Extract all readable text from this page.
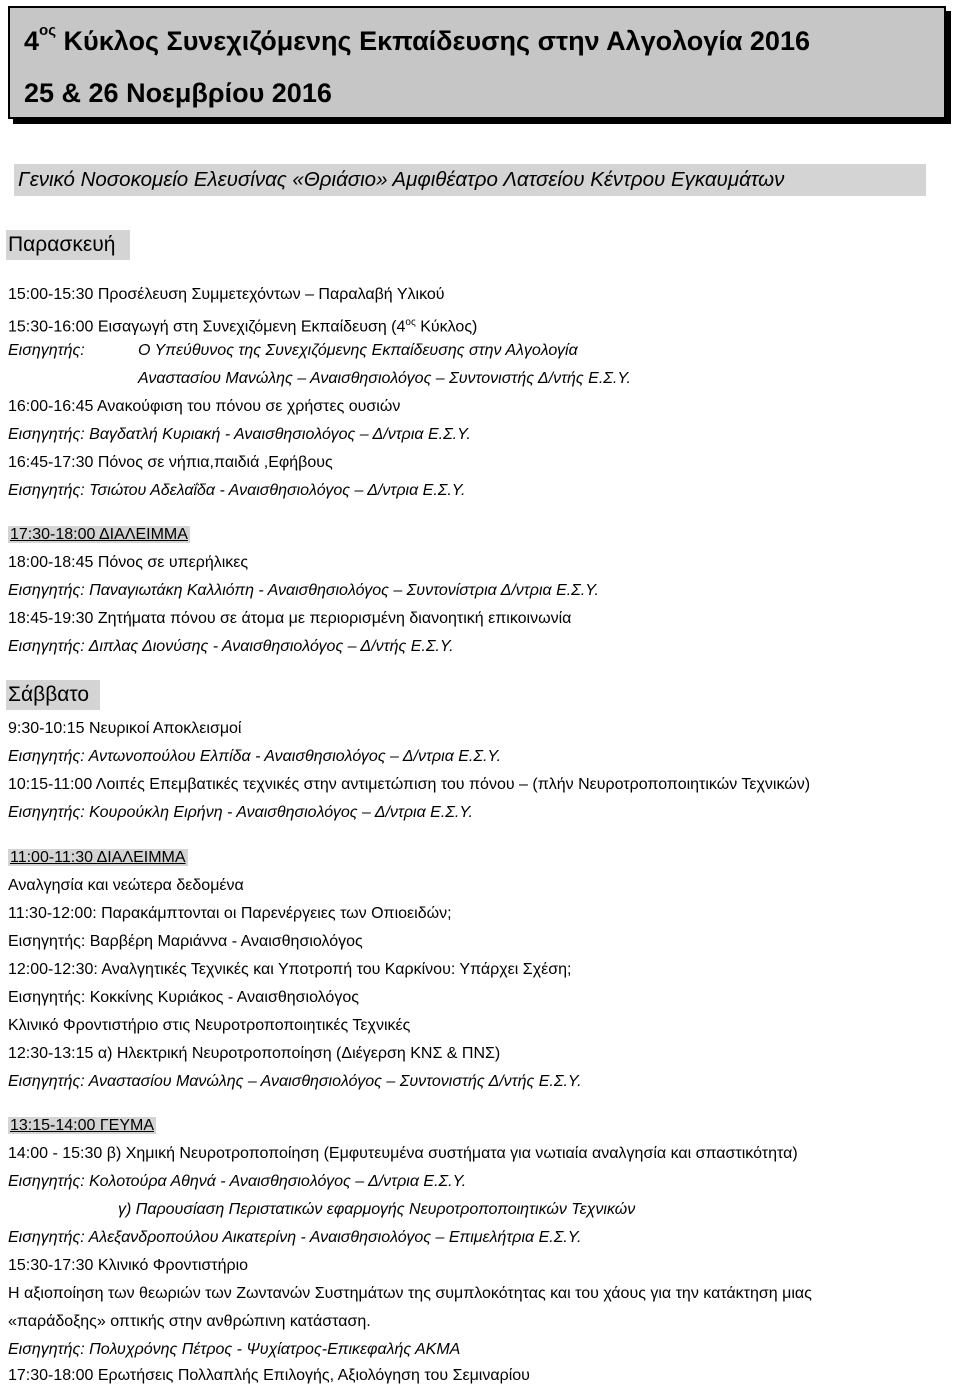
$4^{o\varsigma}$ Κύκλος Συνεχιζόμενης Εκπαίδευσης στην Αλγολογία 2016
25 & 26 Νοεμβρίου 2016
Γενικό Νοσοκομείο Ελευσίνας «Θριάσιο» Αμφιθέατρο Λατσείου Κέντρου Εγκαυμάτων
Παρασκευή
15:00-15:30 Προσέλευση Συμμετεχόντων – Παραλαβή Υλικού
15:30-16:00 Εισαγωγή στη Συνεχιζόμενη Εκπαίδευση ($4^{o\varsigma}$ Κύκλος)
Εισηγητής:	Ο Υπεύθυνος της Συνεχιζόμενης Εκπαίδευσης στην Αλγολογία
Αναστασίου Μανώλης – Αναισθησιολόγος – Συντονιστής Δ/ντής Ε.Σ.Υ.
16:00-16:45 Ανακούφιση του πόνου σε χρήστες ουσιών
Εισηγητής: Βαγδατλή Κυριακή - Αναισθησιολόγος – Δ/ντρια Ε.Σ.Υ.
16:45-17:30 Πόνος σε νήπια,παιδιά ,Εφήβους
Εισηγητής: Τσιώτου Αδελαΐδα - Αναισθησιολόγος – Δ/ντρια Ε.Σ.Υ.
17:30-18:00 ΔΙΑΛΕΙΜΜΑ
18:00-18:45 Πόνος σε υπερήλικες
Εισηγητής: Παναγιωτάκη Καλλιόπη - Αναισθησιολόγος – Συντονίστρια Δ/ντρια Ε.Σ.Υ.
18:45-19:30 Ζητήματα πόνου σε άτομα με περιορισμένη διανοητική επικοινωνία
Εισηγητής: Διπλας Διονύσης - Αναισθησιολόγος – Δ/ντής Ε.Σ.Υ.
Σάββατο
9:30-10:15 Νευρικοί Αποκλεισμοί
Εισηγητής: Αντωνοπούλου Ελπίδα - Αναισθησιολόγος – Δ/ντρια Ε.Σ.Υ.
10:15-11:00 Λοιπές Επεμβατικές τεχνικές στην αντιμετώπιση του πόνου – (πλήν Νευροτροποποιητικών Τεχνικών)
Εισηγητής: Κουρούκλη Ειρήνη - Αναισθησιολόγος – Δ/ντρια Ε.Σ.Υ.
11:00-11:30 ΔΙΑΛΕΙΜΜΑ
Αναλγησία και νεώτερα δεδομένα
11:30-12:00: Παρακάμπτονται οι Παρενέργειες των Οπιοειδών;
Εισηγητής: Βαρβέρη Μαριάννα - Αναισθησιολόγος
12:00-12:30: Αναλγητικές Τεχνικές και Υποτροπή του Καρκίνου: Υπάρχει Σχέση;
Εισηγητής: Κοκκίνης Κυριάκος - Αναισθησιολόγος
Κλινικό Φροντιστήριο στις Νευροτροποποιητικές Τεχνικές
12:30-13:15 α) Ηλεκτρική Νευροτροποποίηση (Διέγερση ΚΝΣ & ΠΝΣ)
Εισηγητής: Αναστασίου Μανώλης – Αναισθησιολόγος – Συντονιστής Δ/ντής Ε.Σ.Υ.
13:15-14:00 ΓΕΥΜΑ
14:00 - 15:30 β) Χημική Νευροτροποποίηση (Εμφυτευμένα συστήματα για νωτιαία αναλγησία και σπαστικότητα)
Εισηγητής: Κολοτούρα Αθηνά - Αναισθησιολόγος – Δ/ντρια Ε.Σ.Υ.
γ) Παρουσίαση Περιστατικών εφαρμογής Νευροτροποποιητικών Τεχνικών
Εισηγητής: Αλεξανδροπούλου Αικατερίνη - Αναισθησιολόγος – Επιμελήτρια Ε.Σ.Υ.
15:30-17:30 Κλινικό Φροντιστήριο
Η αξιοποίηση των θεωριών των Ζωντανών Συστημάτων της συμπλοκότητας και του χάους για την κατάκτηση μιας
«παράδοξης» οπτικής στην ανθρώπινη κατάσταση.
Εισηγητής: Πολυχρόνης Πέτρος - Ψυχίατρος-Επικεφαλής ΑΚΜΑ
17:30-18:00 Ερωτήσεις Πολλαπλής Επιλογής, Αξιολόγηση του Σεμιναρίου
